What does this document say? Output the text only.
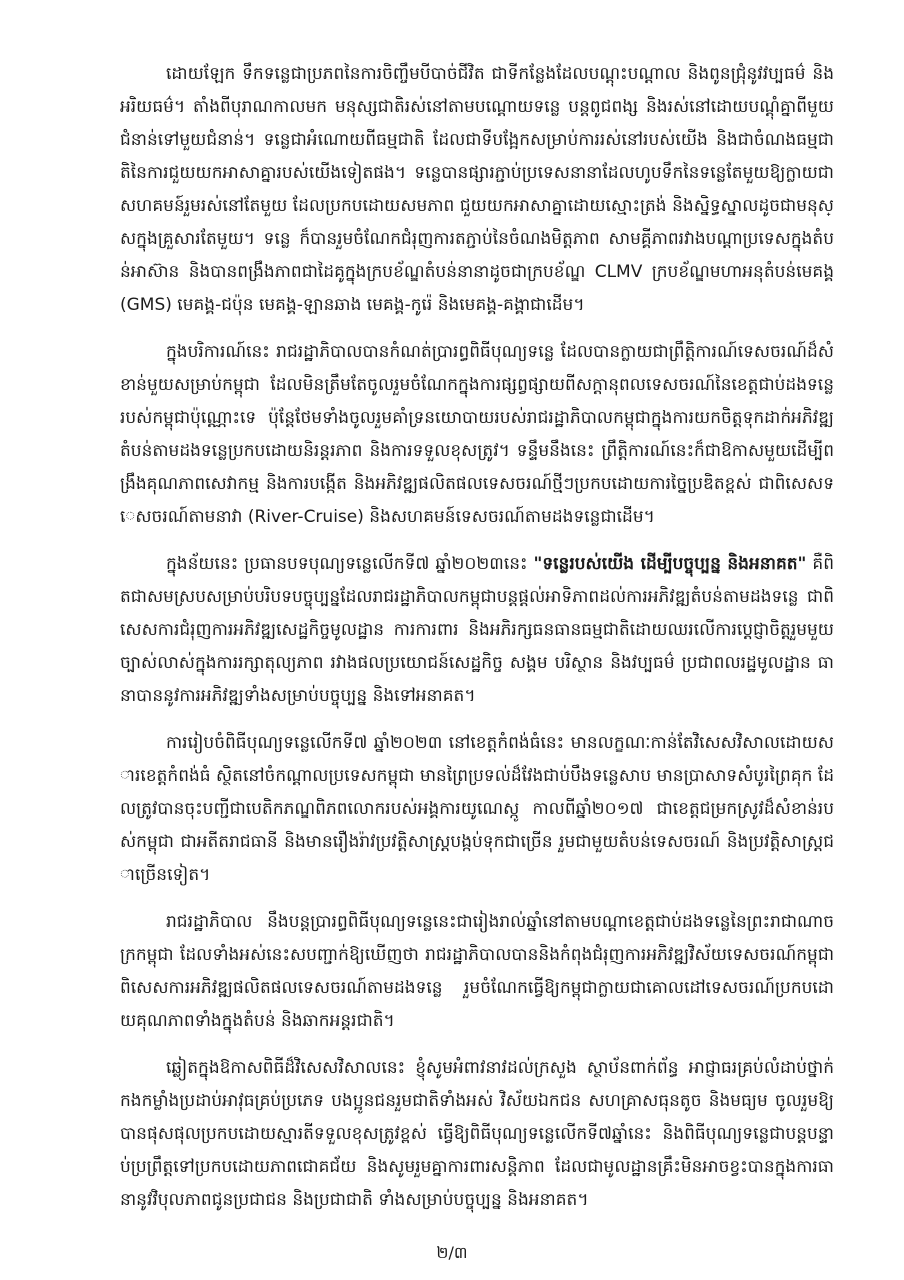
ដោយឡែក ទឹកទន្លេជាប្រភពនៃការចិញ្ចឹមបីបាច់ជីវិត ជាទីកន្លែងដែលបណ្តុះបណ្តាល និងពូនជ្រុំនូវវប្បធម៌ និងអរិយធម៌។ តាំងពីបុរាណកាលមក មនុស្សជាតិរស់នៅតាមបណ្តោយទន្លេ បន្តពូជពង្ស និងរស់នៅដោយបណ្តុំគ្នាពីមួយជំនាន់ទៅមួយជំនាន់។ ទន្លេជាអំណោយពីធម្មជាតិ ដែលជាទីបង្អែកសម្រាប់ការរស់នៅរបស់យើង និងជាចំណងធម្មជាតិនៃការជួយយកអាសាគ្នារបស់យើងទៀតផង។ ទន្លេបានផ្សារភ្ជាប់ប្រទេសនានាដែលហូបទឹកនៃទន្លេតែមួយឱ្យក្លាយជាសហគមន៍រួមរស់នៅតែមួយ ដែលប្រកបដោយសមភាព ជួយយកអាសាគ្នាដោយស្មោះត្រង់ និងស្និទ្ធស្នាលដូចជាមនុស្សក្នុងគ្រួសារតែមួយ។ ទន្លេ ក៏បានរួមចំណែកជំរុញការតភ្ជាប់នៃចំណងមិត្តភាព សាមគ្គីភាពរវាងបណ្តាប្រទេសក្នុងតំបន់អាស៊ាន និងបានពង្រឹងភាពជាដៃគូក្នុងក្របខ័ណ្ឌតំបន់នានាដូចជាក្របខ័ណ្ឌ CLMV ក្របខ័ណ្ឌមហាអនុតំបន់មេគង្គ (GMS) មេគង្គ-ជប៉ុន មេគង្គ-ឡានឆាង មេគង្គ-កូរ៉េ និងមេគង្គ-គង្គាជាដើម។

ក្នុងបរិការណ៍នេះ រាជរដ្ឋាភិបាលបានកំណត់ប្រារព្ធពិធីបុណ្យទន្លេ ដែលបានក្លាយជាព្រឹត្តិការណ៍ទេសចរណ៍ដ៏សំខាន់មួយសម្រាប់កម្ពុជា ដែលមិនត្រឹមតែចូលរួមចំណែកក្នុងការផ្សព្វផ្សាយពីសក្តានុពលទេសចរណ៍នៃខេត្តជាប់ដងទន្លេរបស់កម្ពុជាប៉ុណ្ណោះទេ ប៉ុន្តែថែមទាំងចូលរួមគាំទ្រនយោបាយរបស់រាជរដ្ឋាភិបាលកម្ពុជាក្នុងការយកចិត្តទុកដាក់អភិវឌ្ឍតំបន់តាមដងទន្លេប្រកបដោយនិរន្តរភាព និងការទទួលខុសត្រូវ។ ទន្ទឹមនឹងនេះ ព្រឹត្តិការណ៍នេះក៏ជាឱកាសមួយដើម្បីពង្រឹងគុណភាពសេវាកម្ម និងការបង្កើត និងអភិវឌ្ឍផលិតផលទេសចរណ៍ថ្មីៗប្រកបដោយការច្នៃប្រឌិតខ្ពស់ ជាពិសេសទេសចរណ៍តាមនាវា (River-Cruise) និងសហគមន៍ទេសចរណ៍តាមដងទន្លេជាដើម។

ក្នុងន័យនេះ ប្រធានបទបុណ្យទន្លេលើកទី៧ ឆ្នាំ២០២៣នេះ "ទន្លេរបស់យើង ដើម្បីបច្ចុប្បន្ន និងអនាគត" គឺពិតជាសមស្របសម្រាប់បរិបទបច្ចុប្បន្នដែលរាជរដ្ឋាភិបាលកម្ពុជាបន្តផ្តល់អាទិភាពដល់ការអភិវឌ្ឍតំបន់តាមដងទន្លេ ជាពិសេសការជំរុញការអភិវឌ្ឍសេដ្ឋកិច្ចមូលដ្ឋាន ការការពារ និងអភិរក្សធនធានធម្មជាតិដោយឈរលើការប្តេជ្ញាចិត្តរួមមួយច្បាស់លាស់ក្នុងការរក្សាតុល្យភាព រវាងផលប្រយោជន៍សេដ្ឋកិច្ច សង្គម បរិស្ថាន និងវប្បធម៌ ប្រជាពលរដ្ឋមូលដ្ឋាន ធានាបាននូវការអភិវឌ្ឍទាំងសម្រាប់បច្ចុប្បន្ន និងទៅអនាគត។

ការរៀបចំពិធីបុណ្យទន្លេលើកទី៧ ឆ្នាំ២០២៣ នៅខេត្តកំពង់ធំនេះ មានលក្ខណៈកាន់តែវិសេសវិសាលដោយសារខេត្តកំពង់ធំ ស្ថិតនៅចំកណ្តាលប្រទេសកម្ពុជា មានព្រៃប្រទល់ដ៏វែងជាប់បឹងទន្លេសាប មានប្រាសាទសំបូរព្រៃគុក ដែលត្រូវបានចុះបញ្ជីជាបេតិកភណ្ឌពិភពលោករបស់អង្គការយូណេស្កូ កាលពីឆ្នាំ២០១៧ ជាខេត្តជម្រកស្រូវដ៏សំខាន់របស់កម្ពុជា ជាអតីតរាជធានី និងមានរឿងរ៉ាវប្រវត្តិសាស្ត្របង្កប់ទុកជាច្រើន រួមជាមួយតំបន់ទេសចរណ៍ និងប្រវត្តិសាស្ត្រជាច្រើនទៀត។

រាជរដ្ឋាភិបាល នឹងបន្តប្រារព្ធពិធីបុណ្យទន្លេនេះជារៀងរាល់ឆ្នាំនៅតាមបណ្តាខេត្តជាប់ដងទន្លេនៃព្រះរាជាណាចក្រកម្ពុជា ដែលទាំងអស់នេះសបញ្ជាក់ឱ្យឃើញថា រាជរដ្ឋាភិបាលបាននិងកំពុងជំរុញការអភិវឌ្ឍវិស័យទេសចរណ៍កម្ពុជា ពិសេសការអភិវឌ្ឍផលិតផលទេសចរណ៍តាមដងទន្លេ រួមចំណែកធ្វើឱ្យកម្ពុជាក្លាយជាគោលដៅទេសចរណ៍ប្រកបដោយគុណភាពទាំងក្នុងតំបន់ និងឆាកអន្តរជាតិ។

ឆ្លៀតក្នុងឱកាសពិធីដ៏វិសេសវិសាលនេះ ខ្ញុំសូមអំពាវនាវដល់ក្រសួង ស្ថាប័នពាក់ព័ន្ធ អាជ្ញាធរគ្រប់លំដាប់ថ្នាក់ កងកម្លាំងប្រដាប់អាវុធគ្រប់ប្រភេទ បងប្អូនជនរួមជាតិទាំងអស់ វិស័យឯកជន សហគ្រាសធុនតូច និងមធ្យម ចូលរួមឱ្យបានផុសផុលប្រកបដោយស្មារតីទទួលខុសត្រូវខ្ពស់ ធ្វើឱ្យពិធីបុណ្យទន្លេលើកទី៧ឆ្នាំនេះ និងពិធីបុណ្យទន្លេជាបន្តបន្ទាប់ប្រព្រឹត្តទៅប្រកបដោយភាពជោគជ័យ និងសូមរួមគ្នាការពារសន្តិភាព ដែលជាមូលដ្ឋានគ្រឹះមិនអាចខ្វះបានក្នុងការធានានូវវិបុលភាពជូនប្រជាជន និងប្រជាជាតិ ទាំងសម្រាប់បច្ចុប្បន្ន និងអនាគត។

២/៣
